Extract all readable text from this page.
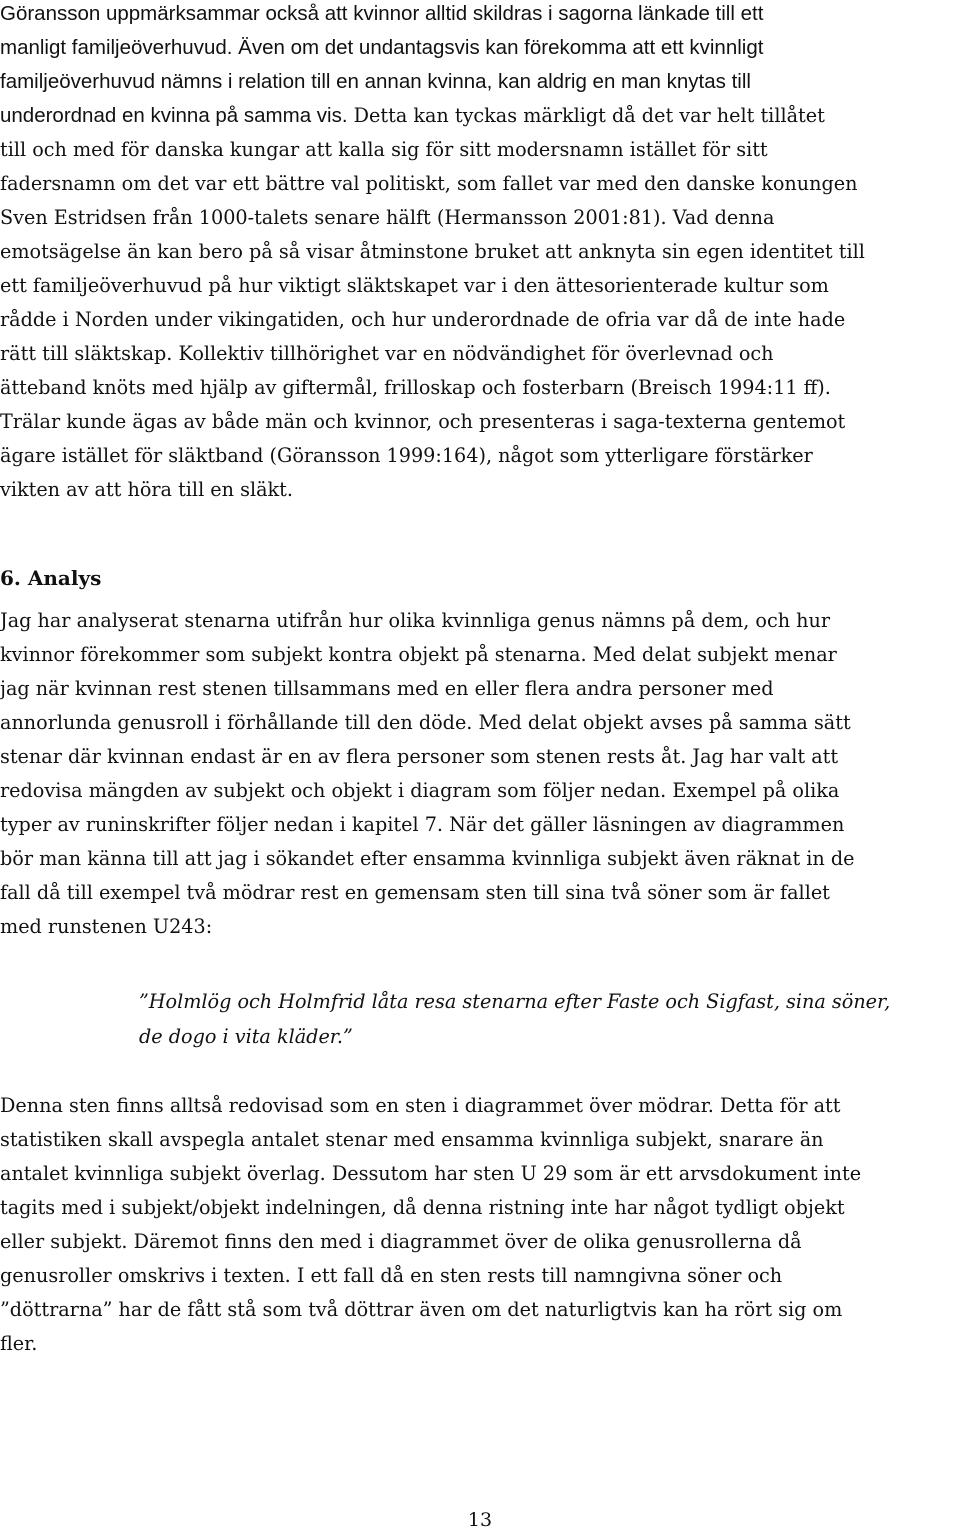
Göransson uppmärksammar också att kvinnor alltid skildras i sagorna länkade till ett
manligt familjeöverhuvud. Även om det undantagsvis kan förekomma att ett kvinnligt
familjeöverhuvud nämns i relation till en annan kvinna, kan aldrig en man knytas till
underordnad en kvinna på samma vis. Detta kan tyckas märkligt då det var helt tillåtet
till och med för danska kungar att kalla sig för sitt modersnamn istället för sitt
fadersnamn om det var ett bättre val politiskt, som fallet var med den danske konungen
Sven Estridsen från 1000-talets senare hälft (Hermansson 2001:81). Vad denna
emotsägelse än kan bero på så visar åtminstone bruket att anknyta sin egen identitet till
ett familjeöverhuvud på hur viktigt släktskapet var i den ättesorienterade kultur som
rådde i Norden under vikingatiden, och hur underordnade de ofria var då de inte hade
rätt till släktskap. Kollektiv tillhörighet var en nödvändighet för överlevnad och
ätteband knöts med hjälp av giftermål, frilloskap och fosterbarn (Breisch 1994:11 ff).
Trälar kunde ägas av både män och kvinnor, och presenteras i saga-texterna gentemot
ägare istället för släktband (Göransson 1999:164), något som ytterligare förstärker
vikten av att höra till en släkt.
6. Analys
Jag har analyserat stenarna utifrån hur olika kvinnliga genus nämns på dem, och hur
kvinnor förekommer som subjekt kontra objekt på stenarna. Med delat subjekt menar
jag när kvinnan rest stenen tillsammans med en eller flera andra personer med
annorlunda genusroll i förhållande till den döde. Med delat objekt avses på samma sätt
stenar där kvinnan endast är en av flera personer som stenen rests åt. Jag har valt att
redovisa mängden av subjekt och objekt i diagram som följer nedan. Exempel på olika
typer av runinskrifter följer nedan i kapitel 7. När det gäller läsningen av diagrammen
bör man känna till att jag i sökandet efter ensamma kvinnliga subjekt även räknat in de
fall då till exempel två mödrar rest en gemensam sten till sina två söner som är fallet
med runstenen U243:
”Holmlög och Holmfrid låta resa stenarna efter Faste och Sigfast, sina söner,
de dogo i vita kläder.”
Denna sten finns alltså redovisad som en sten i diagrammet över mödrar. Detta för att
statistiken skall avspegla antalet stenar med ensamma kvinnliga subjekt, snarare än
antalet kvinnliga subjekt överlag. Dessutom har sten U 29 som är ett arvsdokument inte
tagits med i subjekt/objekt indelningen, då denna ristning inte har något tydligt objekt
eller subjekt. Däremot finns den med i diagrammet över de olika genusrollerna då
genusroller omskrivs i texten. I ett fall då en sten rests till namngivna söner och
”döttrarna” har de fått stå som två döttrar även om det naturligtvis kan ha rört sig om
fler.
13
